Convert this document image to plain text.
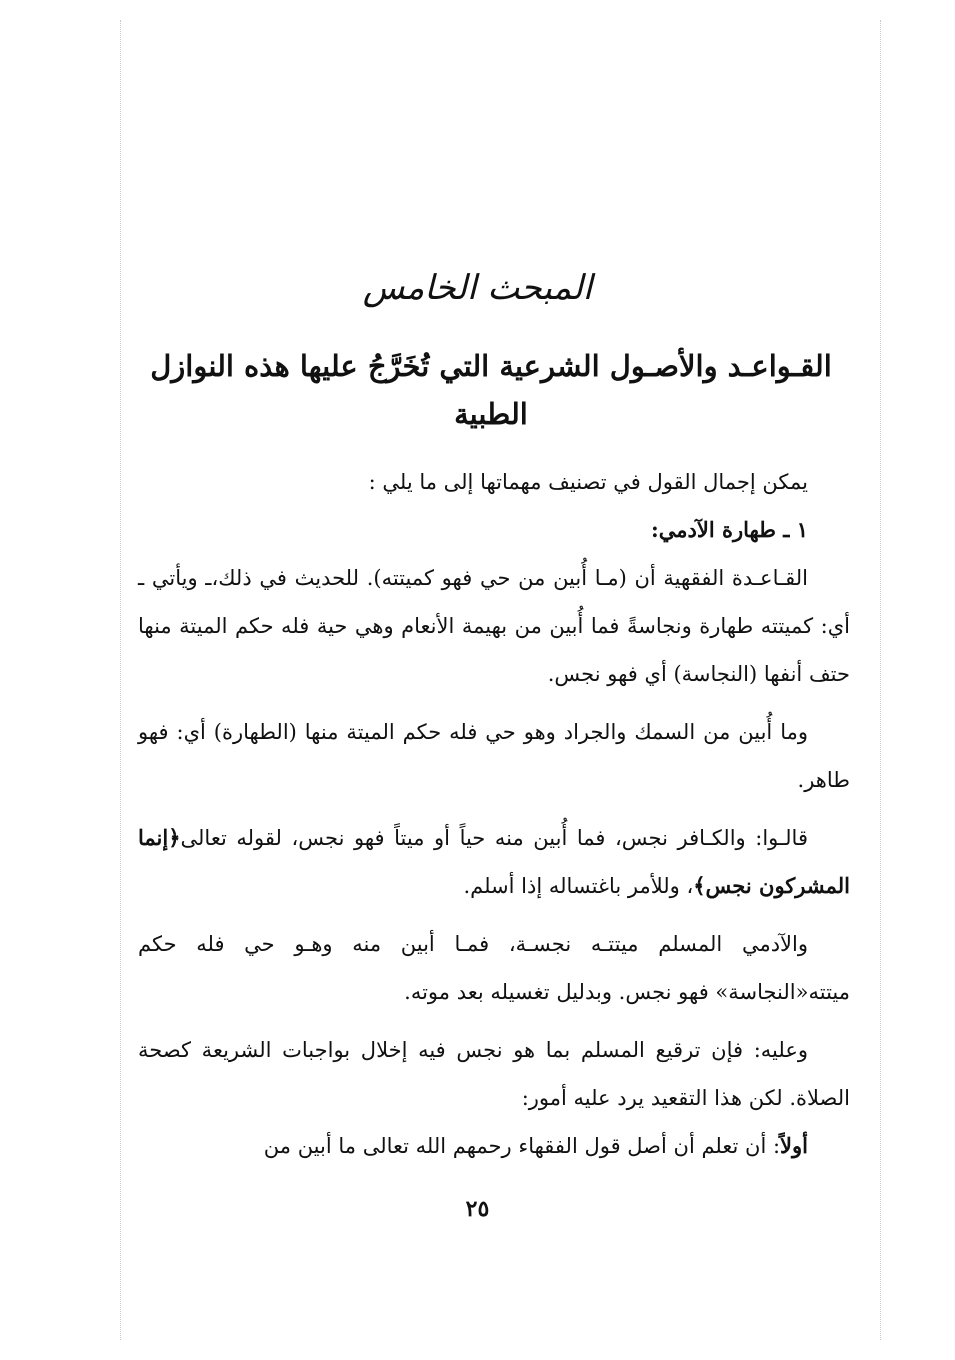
المبحث الخامس
القـواعـد والأصـول الشرعية التي تُخَرَّجُ عليها هذه النوازل الطبية

يمكن إجمال القول في تصنيف مهماتها إلى ما يلي :

١ ـ طهارة الآدمي:

القـاعـدة الفقهية أن (مـا أُبين من حي فهو كميتته). للحديث في ذلك،ـ ويأتي ـ أي: كميتته طهارة ونجاسةً فما أُبين من بهيمة الأنعام وهي حية فله حكم الميتة منها حتف أنفها (النجاسة) أي فهو نجس.

وما أُبين من السمك والجراد وهو حي فله حكم الميتة منها (الطهارة) أي: فهو طاهر.

قالـوا: والكـافر نجس، فما أُبين منه حياً أو ميتاً فهو نجس، لقوله تعالى﴿إنما المشركون نجس﴾، وللأمر باغتساله إذا أسلم.

والآدمي المسلم ميتتـه نجسـة، فمـا أبين منه وهـو حي فله حكم ميتته«النجاسة» فهو نجس. وبدليل تغسيله بعد موته.

وعليه: فإن ترقيع المسلم بما هو نجس فيه إخلال بواجبات الشريعة كصحة الصلاة. لكن هذا التقعيد يرد عليه أمور:

أولاً: أن تعلم أن أصل قول الفقهاء رحمهم الله تعالى ما أبين من

٢٥
